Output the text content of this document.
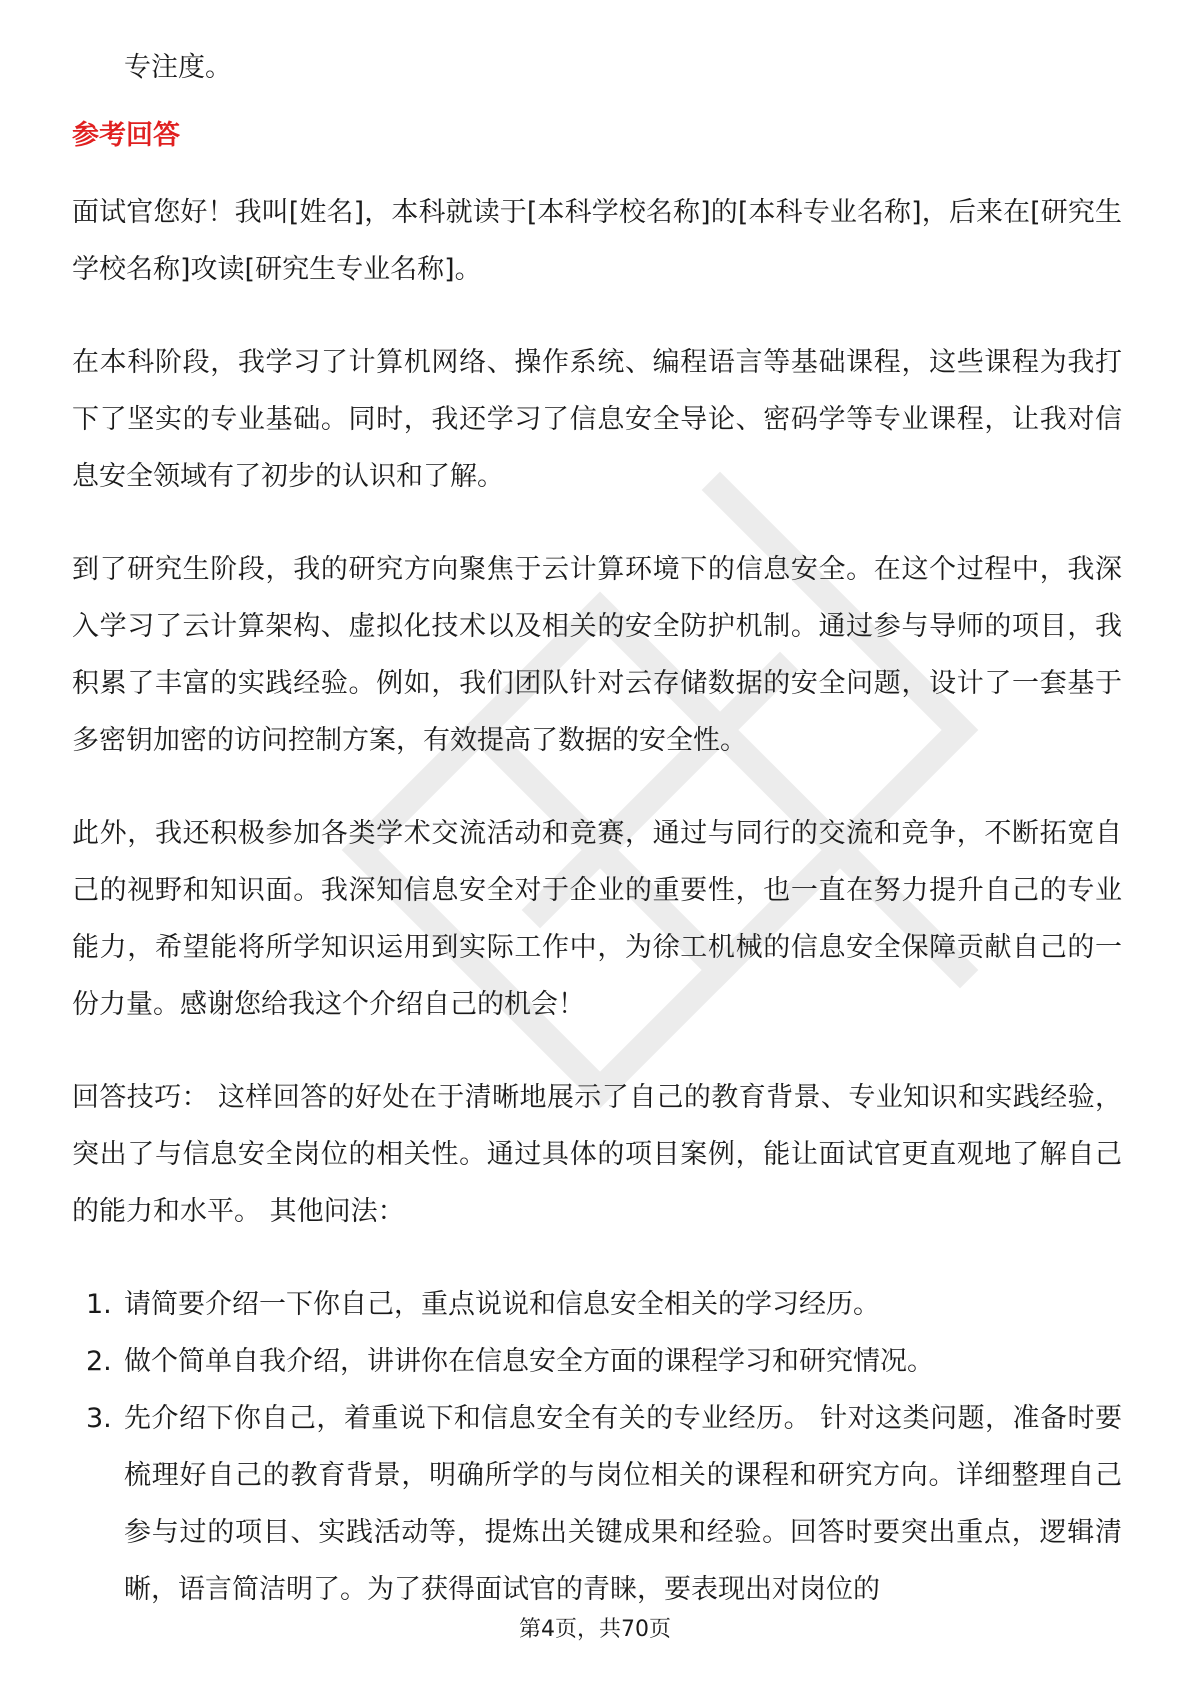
专注度。

参考回答

面试官您好！我叫[姓名]，本科就读于[本科学校名称]的[本科专业名称]，后来在[研究生学校名称]攻读[研究生专业名称]。

在本科阶段，我学习了计算机网络、操作系统、编程语言等基础课程，这些课程为我打下了坚实的专业基础。同时，我还学习了信息安全导论、密码学等专业课程，让我对信息安全领域有了初步的认识和了解。

到了研究生阶段，我的研究方向聚焦于云计算环境下的信息安全。在这个过程中，我深入学习了云计算架构、虚拟化技术以及相关的安全防护机制。通过参与导师的项目，我积累了丰富的实践经验。例如，我们团队针对云存储数据的安全问题，设计了一套基于多密钥加密的访问控制方案，有效提高了数据的安全性。

此外，我还积极参加各类学术交流活动和竞赛，通过与同行的交流和竞争，不断拓宽自己的视野和知识面。我深知信息安全对于企业的重要性，也一直在努力提升自己的专业能力，希望能将所学知识运用到实际工作中，为徐工机械的信息安全保障贡献自己的一份力量。感谢您给我这个介绍自己的机会！

回答技巧： 这样回答的好处在于清晰地展示了自己的教育背景、专业知识和实践经验，突出了与信息安全岗位的相关性。通过具体的项目案例，能让面试官更直观地了解自己的能力和水平。 其他问法：

1. 请简要介绍一下你自己，重点说说和信息安全相关的学习经历。
2. 做个简单自我介绍，讲讲你在信息安全方面的课程学习和研究情况。
3. 先介绍下你自己，着重说下和信息安全有关的专业经历。 针对这类问题，准备时要梳理好自己的教育背景，明确所学的与岗位相关的课程和研究方向。详细整理自己参与过的项目、实践活动等，提炼出关键成果和经验。回答时要突出重点，逻辑清晰，语言简洁明了。为了获得面试官的青睐，要表现出对岗位的
第4页，共70页
